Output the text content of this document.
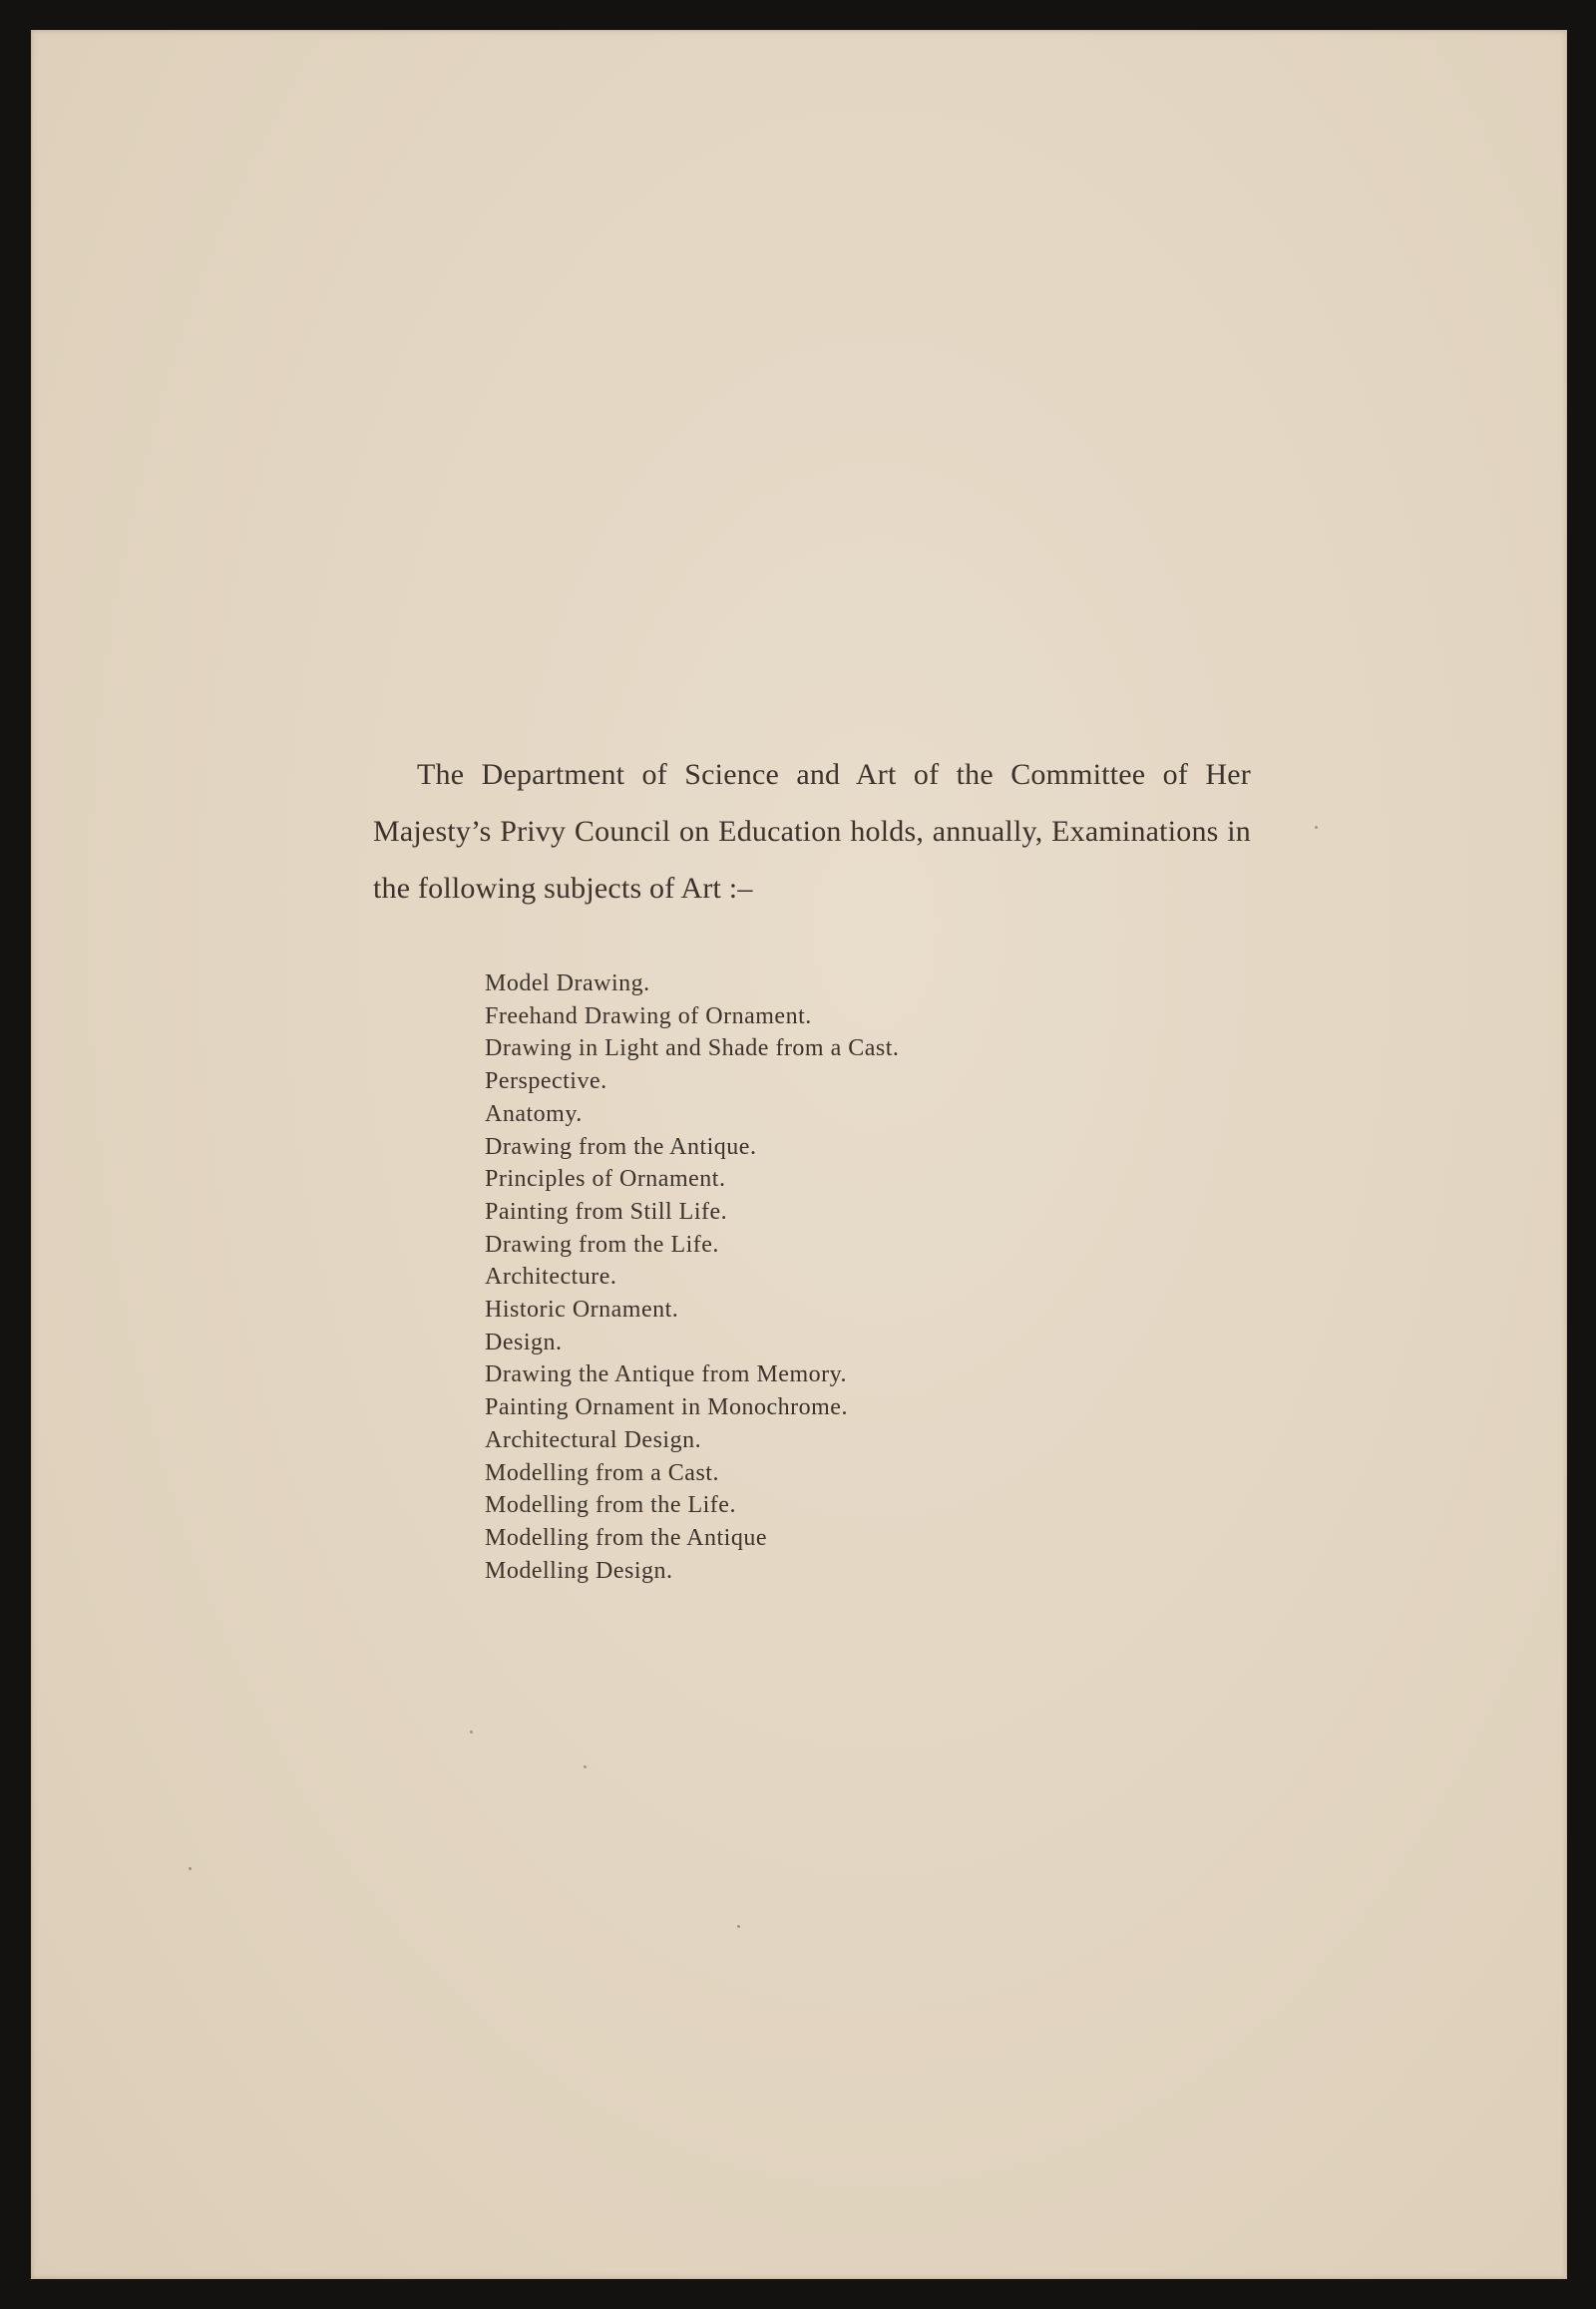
The Department of Science and Art of the Committee of Her Majesty’s Privy Council on Education holds, annually, Examinations in the following subjects of Art :–

Model Drawing.
Freehand Drawing of Ornament.
Drawing in Light and Shade from a Cast.
Perspective.
Anatomy.
Drawing from the Antique.
Principles of Ornament.
Painting from Still Life.
Drawing from the Life.
Architecture.
Historic Ornament.
Design.
Drawing the Antique from Memory.
Painting Ornament in Monochrome.
Architectural Design.
Modelling from a Cast.
Modelling from the Life.
Modelling from the Antique
Modelling Design.
